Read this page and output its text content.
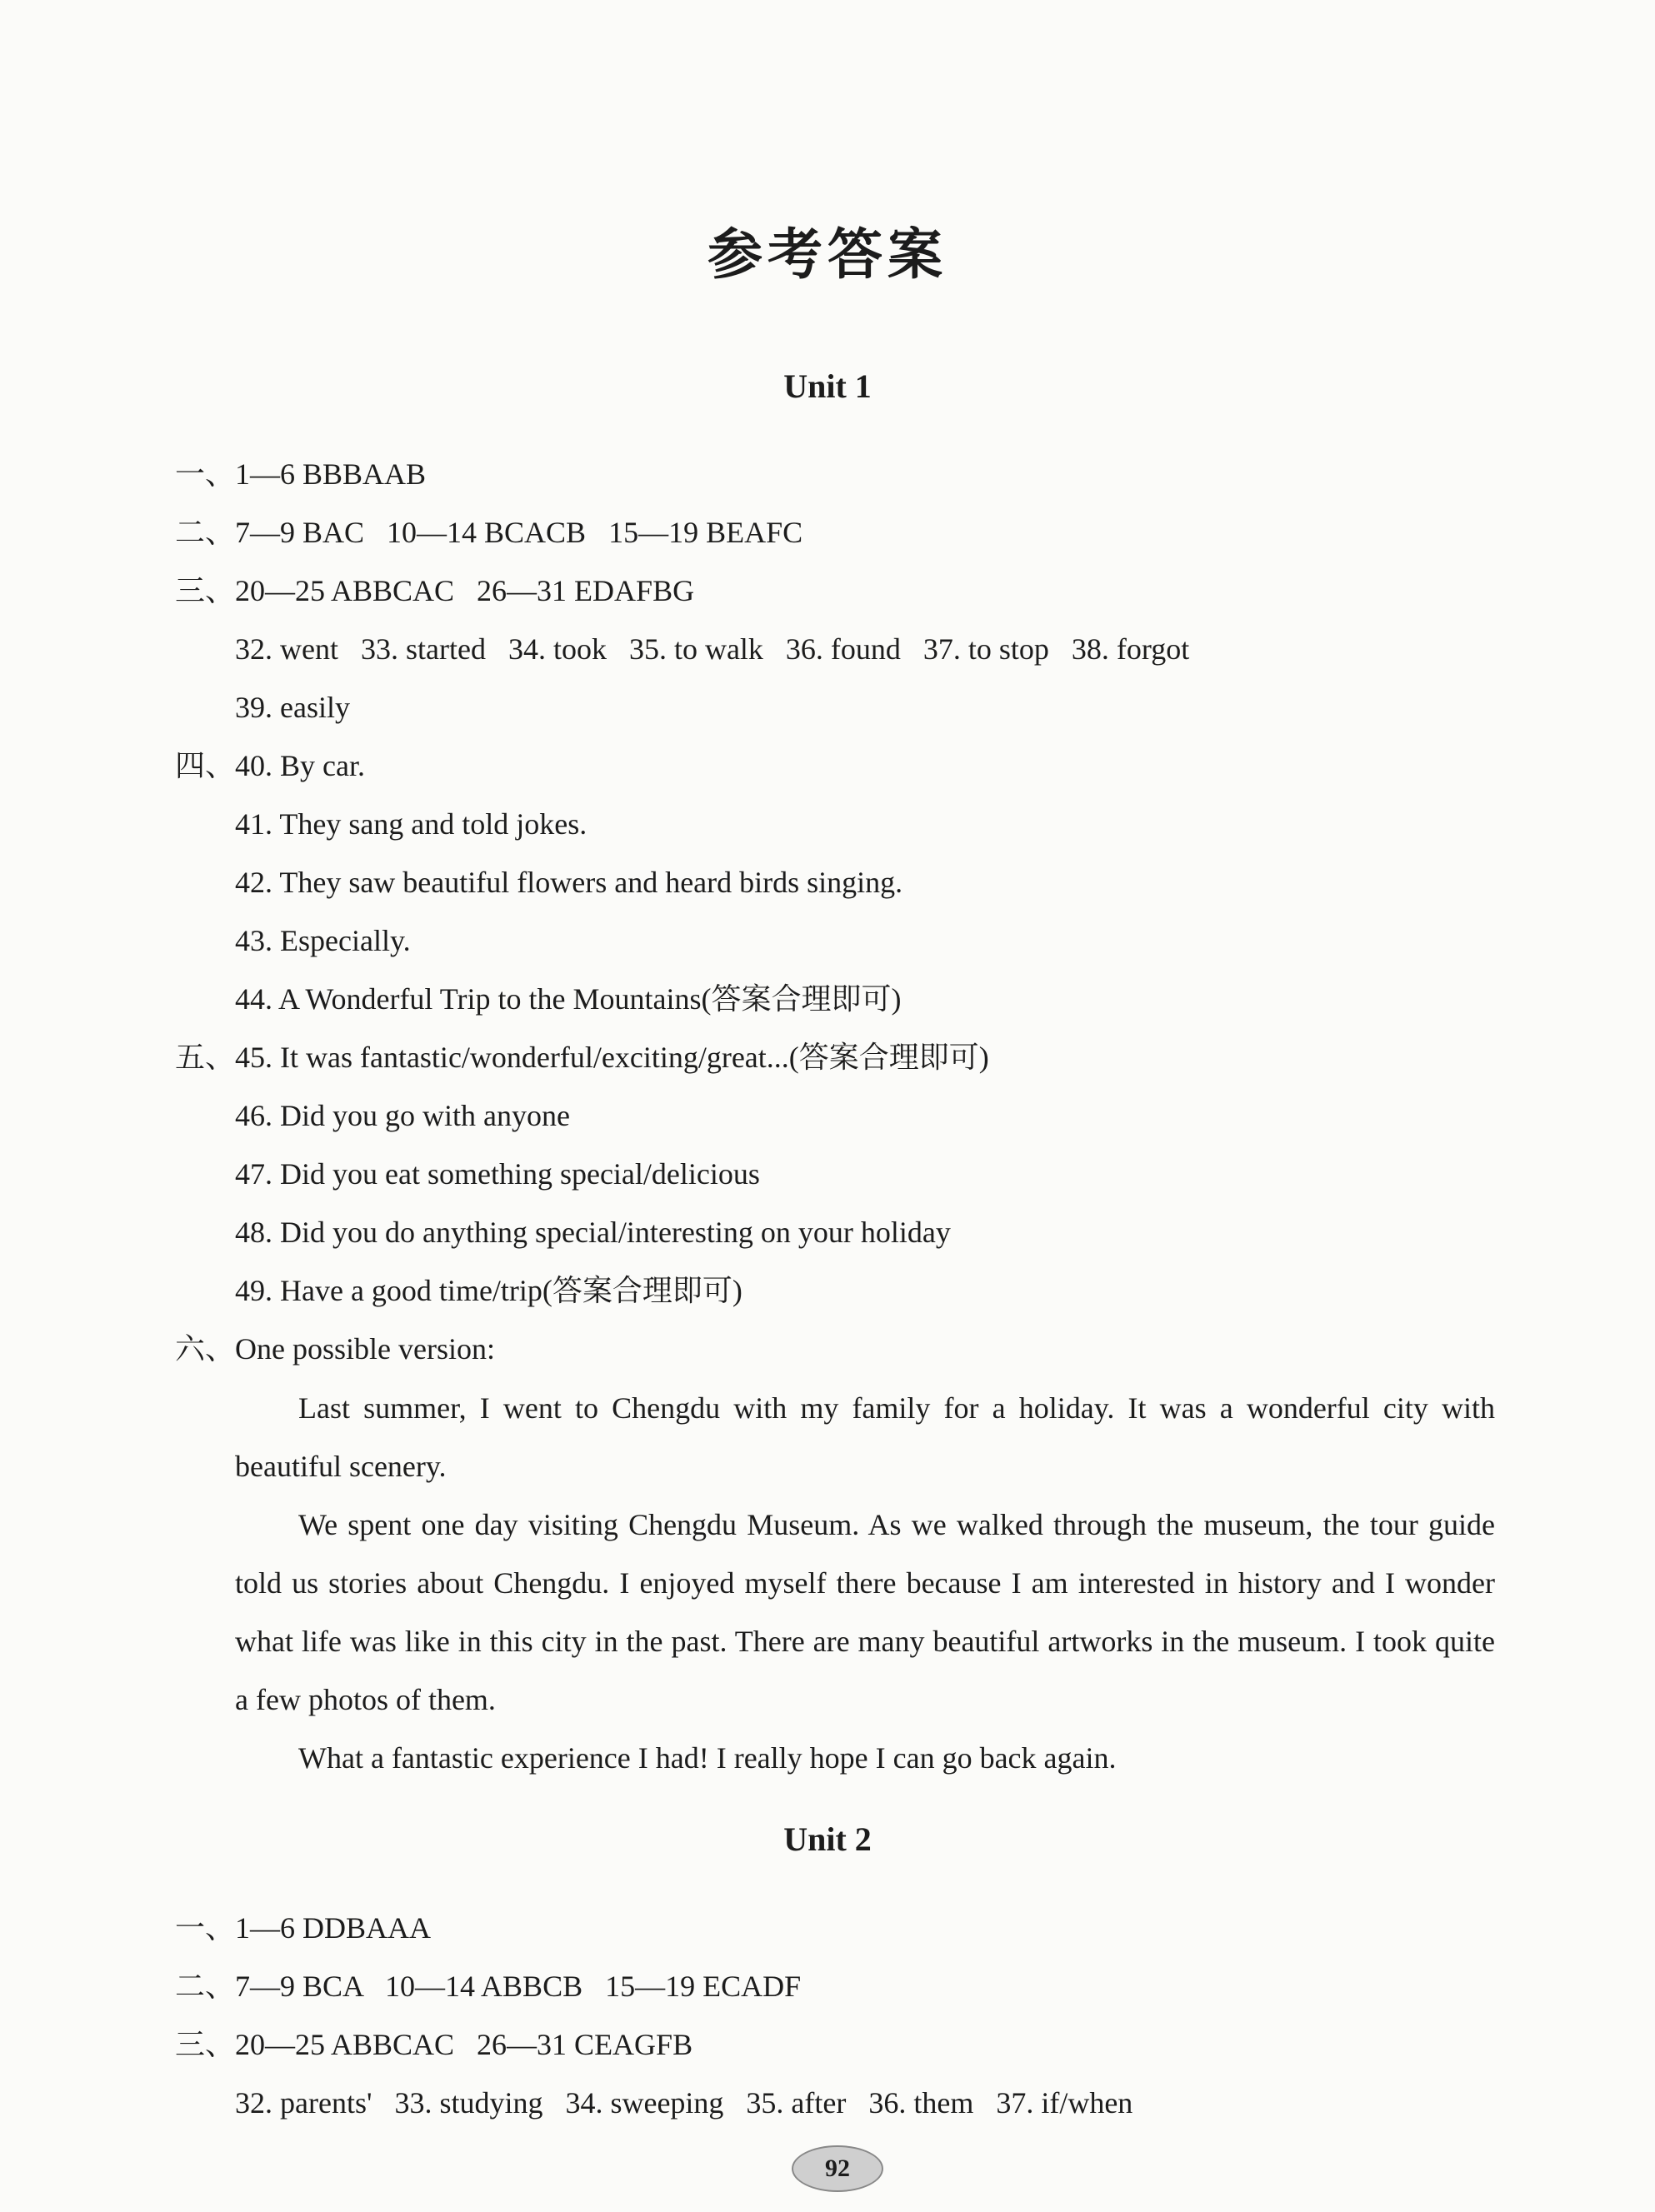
参考答案
Unit 1
一、1—6 BBBAAB
二、7—9 BAC   10—14 BCACB   15—19 BEAFC
三、20—25 ABBCAC   26—31 EDAFBG
32. went   33. started   34. took   35. to walk   36. found   37. to stop   38. forgot
39. easily
四、40. By car.
41. They sang and told jokes.
42. They saw beautiful flowers and heard birds singing.
43. Especially.
44. A Wonderful Trip to the Mountains(答案合理即可)
五、45. It was fantastic/wonderful/exciting/great...(答案合理即可)
46. Did you go with anyone
47. Did you eat something special/delicious
48. Did you do anything special/interesting on your holiday
49. Have a good time/trip(答案合理即可)
六、One possible version:

Last summer, I went to Chengdu with my family for a holiday. It was a wonderful city with beautiful scenery.

We spent one day visiting Chengdu Museum. As we walked through the museum, the tour guide told us stories about Chengdu. I enjoyed myself there because I am interested in history and I wonder what life was like in this city in the past. There are many beautiful artworks in the museum. I took quite a few photos of them.

What a fantastic experience I had! I really hope I can go back again.

Unit 2
一、1—6 DDBAAA
二、7—9 BCA   10—14 ABBCB   15—19 ECADF
三、20—25 ABBCAC   26—31 CEAGFB
32. parents'   33. studying   34. sweeping   35. after   36. them   37. if/when
92
